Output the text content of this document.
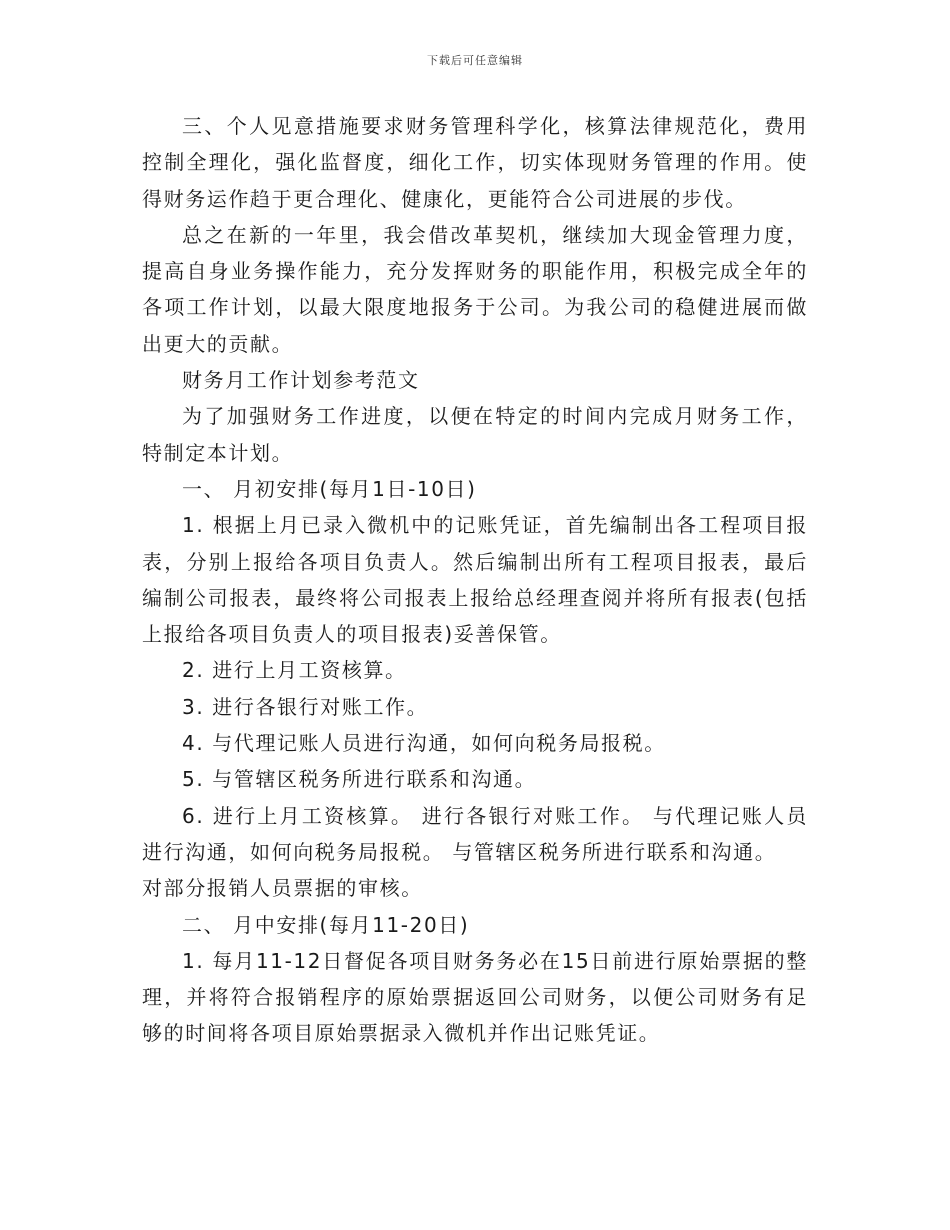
下载后可任意编辑

三、个人见意措施要求财务管理科学化，核算法律规范化，费用控制全理化，强化监督度，细化工作，切实体现财务管理的作用。使得财务运作趋于更合理化、健康化，更能符合公司进展的步伐。

总之在新的一年里，我会借改革契机，继续加大现金管理力度，提高自身业务操作能力，充分发挥财务的职能作用，积极完成全年的各项工作计划，以最大限度地报务于公司。为我公司的稳健进展而做出更大的贡献。

财务月工作计划参考范文

为了加强财务工作进度，以便在特定的时间内完成月财务工作，特制定本计划。

一、 月初安排(每月1日-10日)

1. 根据上月已录入微机中的记账凭证，首先编制出各工程项目报表，分别上报给各项目负责人。然后编制出所有工程项目报表，最后编制公司报表，最终将公司报表上报给总经理查阅并将所有报表(包括上报给各项目负责人的项目报表)妥善保管。

2. 进行上月工资核算。

3. 进行各银行对账工作。

4. 与代理记账人员进行沟通，如何向税务局报税。

5. 与管辖区税务所进行联系和沟通。

6. 进行上月工资核算。 进行各银行对账工作。 与代理记账人员进行沟通，如何向税务局报税。 与管辖区税务所进行联系和沟通。

对部分报销人员票据的审核。

二、 月中安排(每月11-20日)

1. 每月11-12日督促各项目财务务必在15日前进行原始票据的整理，并将符合报销程序的原始票据返回公司财务，以便公司财务有足够的时间将各项目原始票据录入微机并作出记账凭证。
